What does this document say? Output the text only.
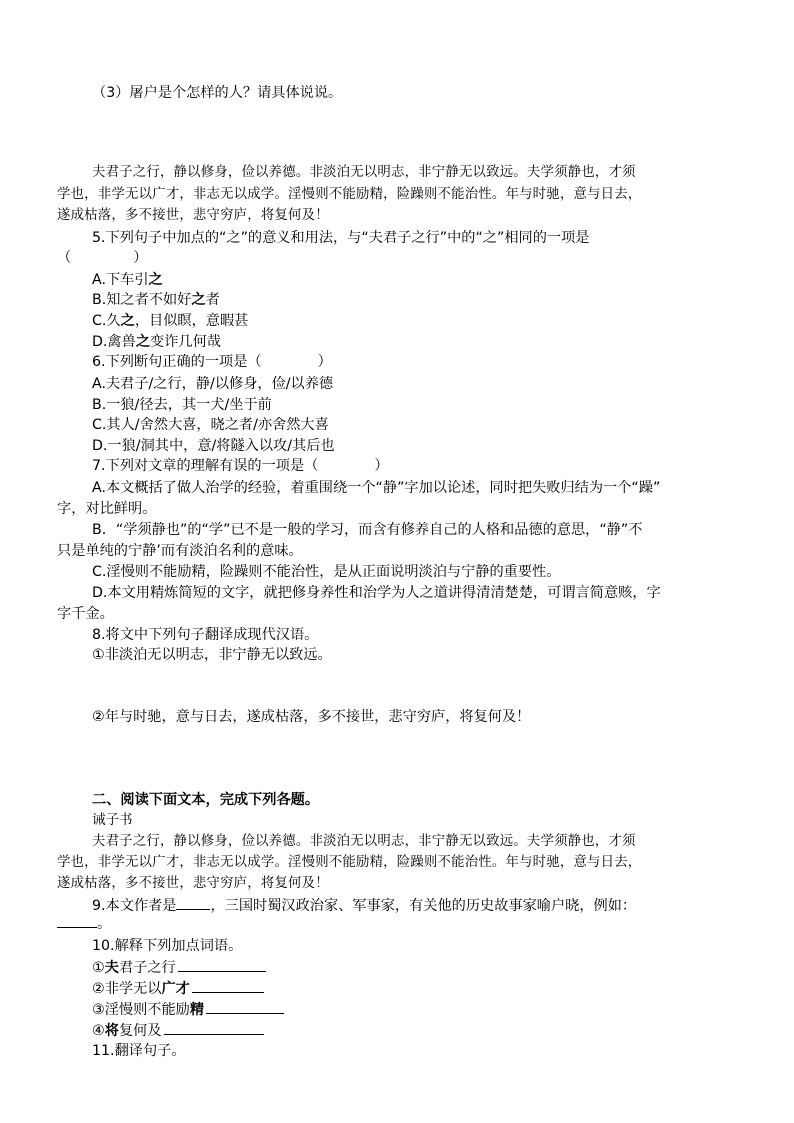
（3）屠户是个怎样的人？请具体说说。
夫君子之行，静以修身，俭以养德。非淡泊无以明志，非宁静无以致远。夫学须静也，才须
学也，非学无以广才，非志无以成学。淫慢则不能励精，险躁则不能治性。年与时驰，意与日去，
遂成枯落，多不接世，悲守穷庐，将复何及！
5.下列句子中加点的“之”的意义和用法，与“夫君子之行”中的“之”相同的一项是
（	）
A.下车引之
B.知之者不如好之者
C.久之，目似瞑，意暇甚
D.禽兽之变诈几何哉
6.下列断句正确的一项是（	）
A.夫君子/之行，静/以修身，俭/以养德
B.一狼/径去，其一犬/坐于前
C.其人/舍然大喜，晓之者/亦舍然大喜
D.一狼/洞其中，意/将隧入以攻/其后也
7.下列对文章的理解有误的一项是（	）
A.本文概括了做人治学的经验，着重围绕一个“静”字加以论述，同时把失败归结为一个“躁”
字，对比鲜明。
B．“学须静也”的“学”已不是一般的学习，而含有修养自己的人格和品德的意思，“静”不
只是单纯的宁静’而有淡泊名利的意味。
C.淫慢则不能励精，险躁则不能治性，是从正面说明淡泊与宁静的重要性。
D.本文用精炼简短的文字，就把修身养性和治学为人之道讲得清清楚楚，可谓言简意赅，字
字千金。
8.将文中下列句子翻译成现代汉语。
①非淡泊无以明志，非宁静无以致远。
②年与时驰，意与日去，遂成枯落，多不接世，悲守穷庐，将复何及！
二、阅读下面文本，完成下列各题。
诫子书
夫君子之行，静以修身，俭以养德。非淡泊无以明志，非宁静无以致远。夫学须静也，才须
学也，非学无以广才，非志无以成学。淫慢则不能励精，险躁则不能治性。年与时驰，意与日去，
遂成枯落，多不接世，悲守穷庐，将复何及！
9.本文作者是 ，三国时蜀汉政治家、军事家，有关他的历史故事家喻户晓，例如：
。
10.解释下列加点词语。
①夫君子之行
②非学无以广才
③淫慢则不能励精
④将复何及
11.翻译句子。
